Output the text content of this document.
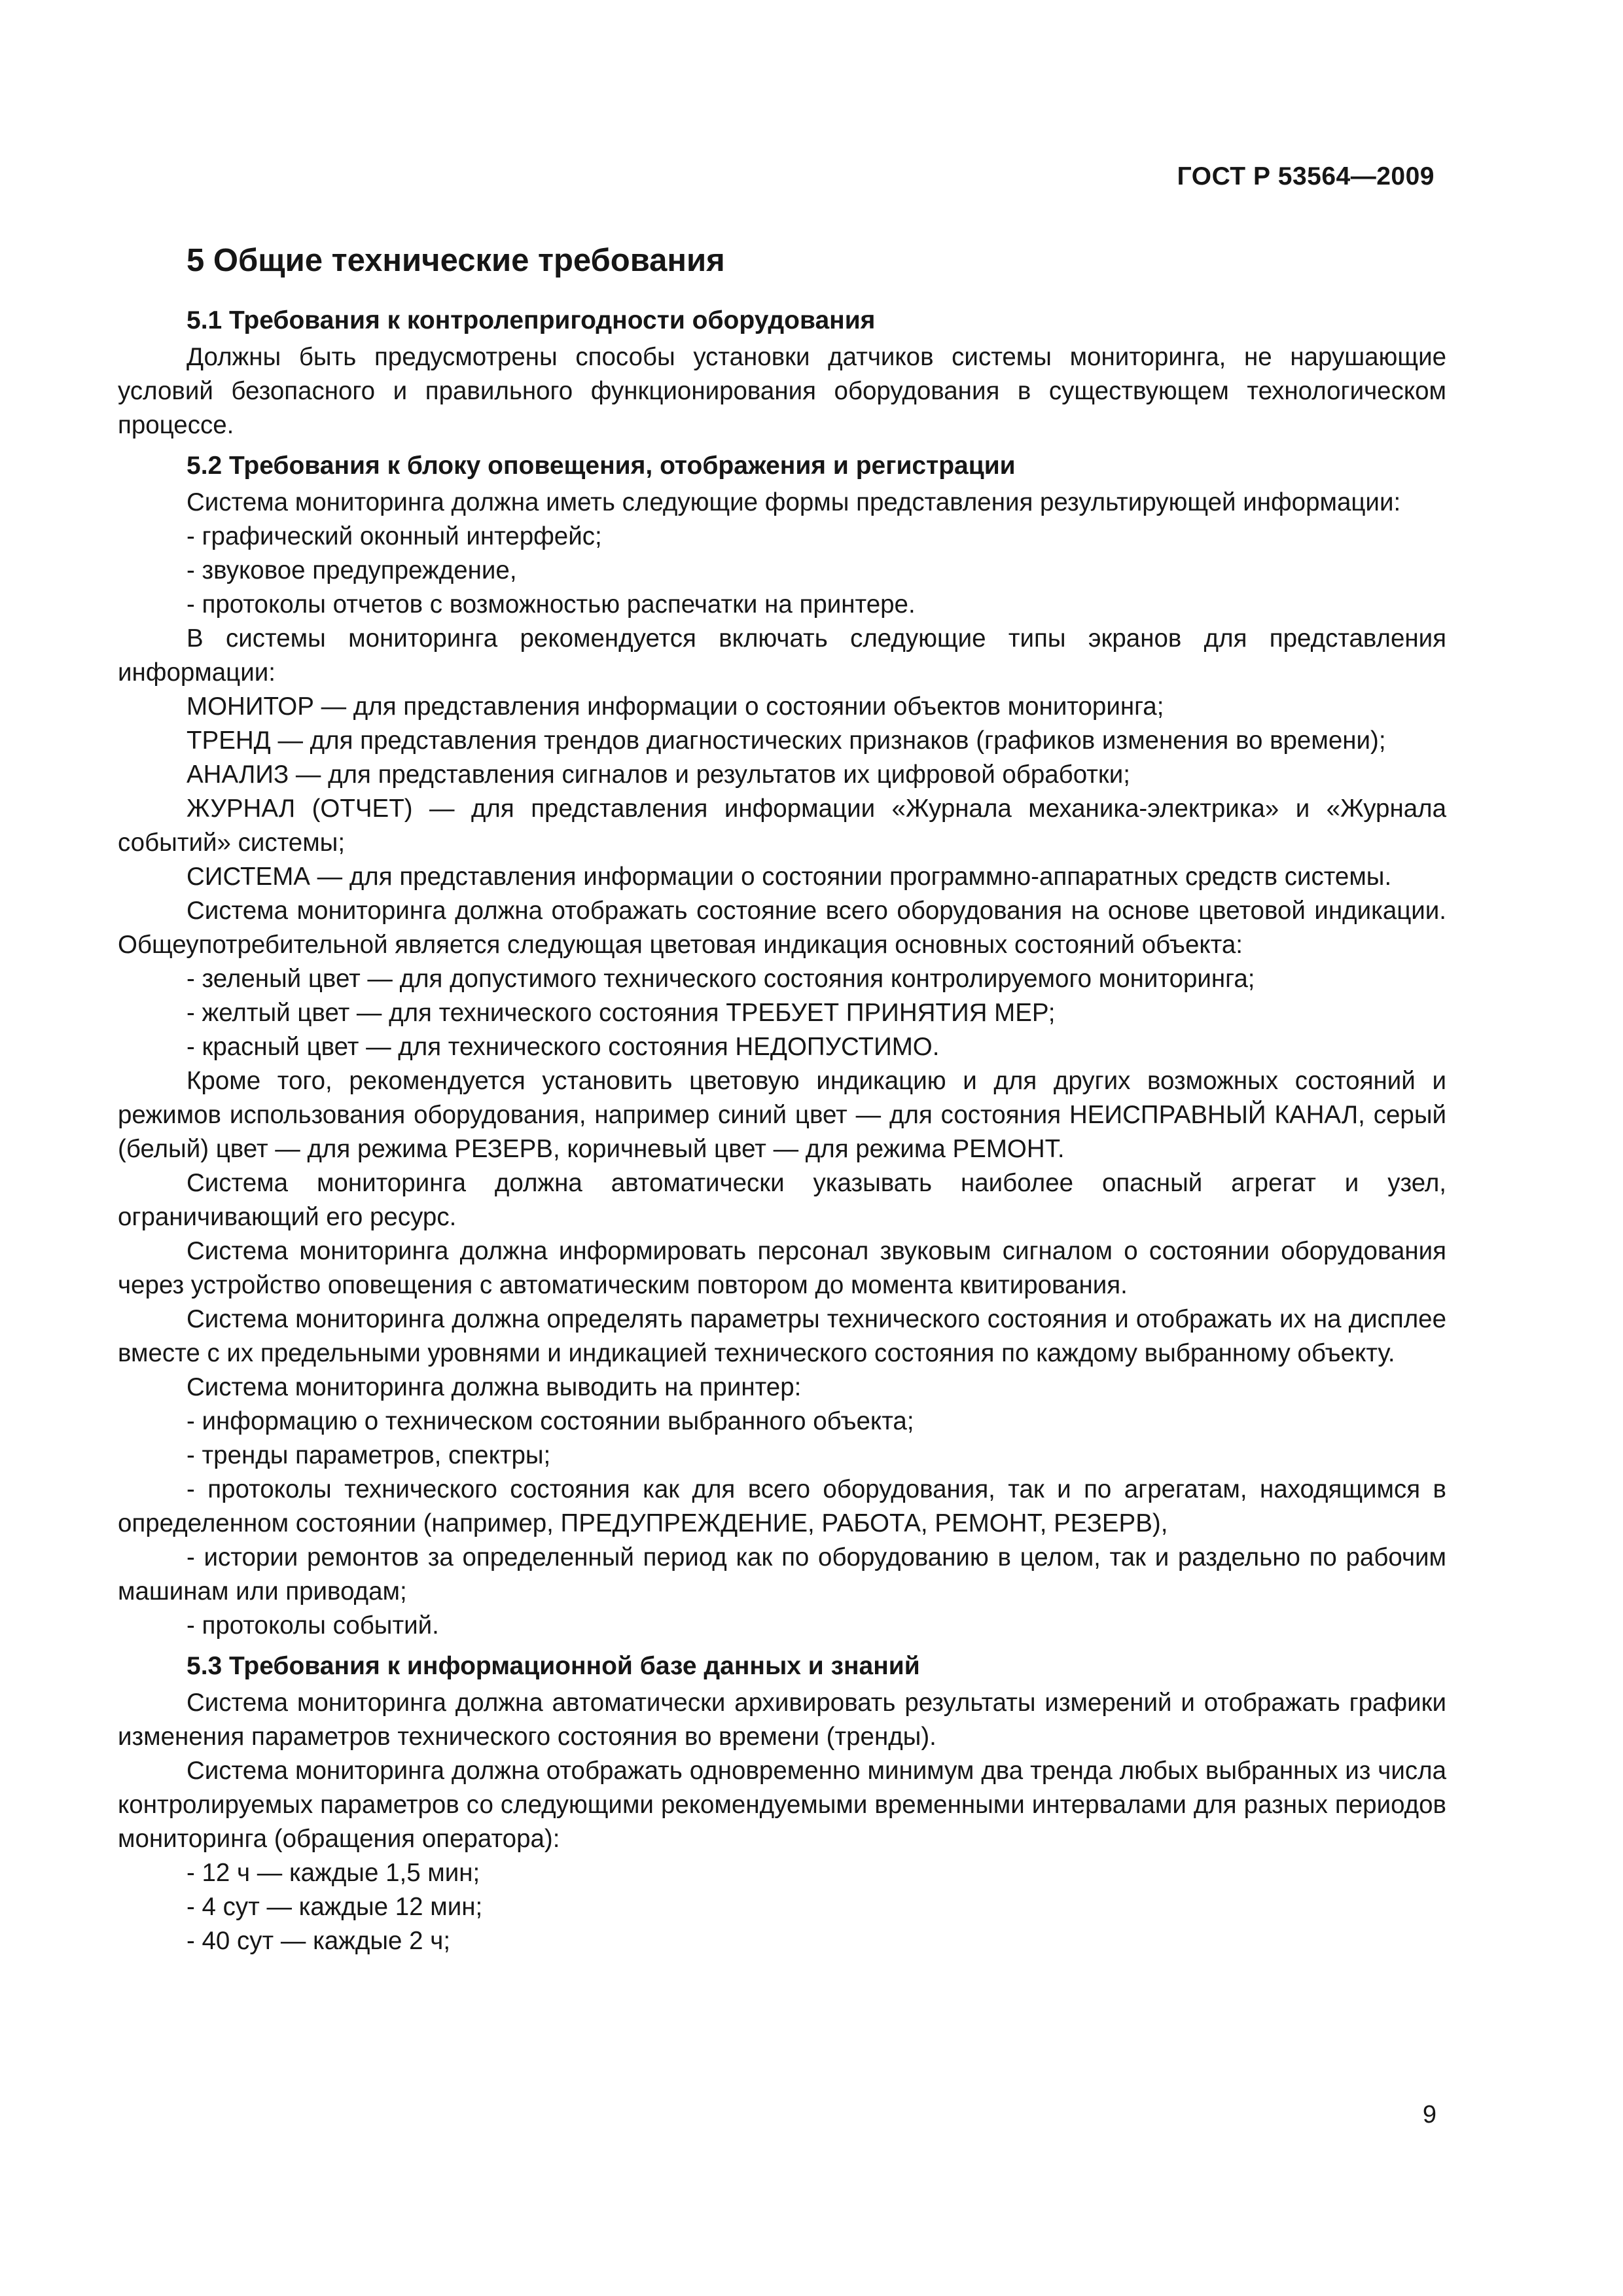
ГОСТ Р 53564—2009

5 Общие технические требования
5.1 Требования к контролепригодности оборудования

Должны быть предусмотрены способы установки датчиков системы мониторинга, не нарушающие условий безопасного и правильного функционирования оборудования в существующем технологическом процессе.

5.2 Требования к блоку оповещения, отображения и регистрации

Система мониторинга должна иметь следующие формы представления результирующей информации:

- графический оконный интерфейс;

- звуковое предупреждение,

- протоколы отчетов с возможностью распечатки на принтере.

В системы мониторинга рекомендуется включать следующие типы экранов для представления информации:

МОНИТОР — для представления информации о состоянии объектов мониторинга;

ТРЕНД — для представления трендов диагностических признаков (графиков изменения во времени);

АНАЛИЗ — для представления сигналов и результатов их цифровой обработки;

ЖУРНАЛ (ОТЧЕТ) — для представления информации «Журнала механика-электрика» и «Журнала событий» системы;

СИСТЕМА — для представления информации о состоянии программно-аппаратных средств системы.

Система мониторинга должна отображать состояние всего оборудования на основе цветовой индикации. Общеупотребительной является следующая цветовая индикация основных состояний объекта:

- зеленый цвет — для допустимого технического состояния контролируемого мониторинга;

- желтый цвет — для технического состояния ТРЕБУЕТ ПРИНЯТИЯ МЕР;

- красный цвет — для технического состояния НЕДОПУСТИМО.

Кроме того, рекомендуется установить цветовую индикацию и для других возможных состояний и режимов использования оборудования, например синий цвет — для состояния НЕИСПРАВНЫЙ КАНАЛ, серый (белый) цвет — для режима РЕЗЕРВ, коричневый цвет — для режима РЕМОНТ.

Система мониторинга должна автоматически указывать наиболее опасный агрегат и узел, ограничивающий его ресурс.

Система мониторинга должна информировать персонал звуковым сигналом о состоянии оборудования через устройство оповещения с автоматическим повтором до момента квитирования.

Система мониторинга должна определять параметры технического состояния и отображать их на дисплее вместе с их предельными уровнями и индикацией технического состояния по каждому выбранному объекту.

Система мониторинга должна выводить на принтер:

- информацию о техническом состоянии выбранного объекта;

- тренды параметров, спектры;

- протоколы технического состояния как для всего оборудования, так и по агрегатам, находящимся в определенном состоянии (например, ПРЕДУПРЕЖДЕНИЕ, РАБОТА, РЕМОНТ, РЕЗЕРВ),

- истории ремонтов за определенный период как по оборудованию в целом, так и раздельно по рабочим машинам или приводам;

- протоколы событий.

5.3 Требования к информационной базе данных и знаний

Система мониторинга должна автоматически архивировать результаты измерений и отображать графики изменения параметров технического состояния во времени (тренды).

Система мониторинга должна отображать одновременно минимум два тренда любых выбранных из числа контролируемых параметров со следующими рекомендуемыми временными интервалами для разных периодов мониторинга (обращения оператора):

- 12 ч — каждые 1,5 мин;

- 4 сут — каждые 12 мин;

- 40 сут — каждые 2 ч;

9
